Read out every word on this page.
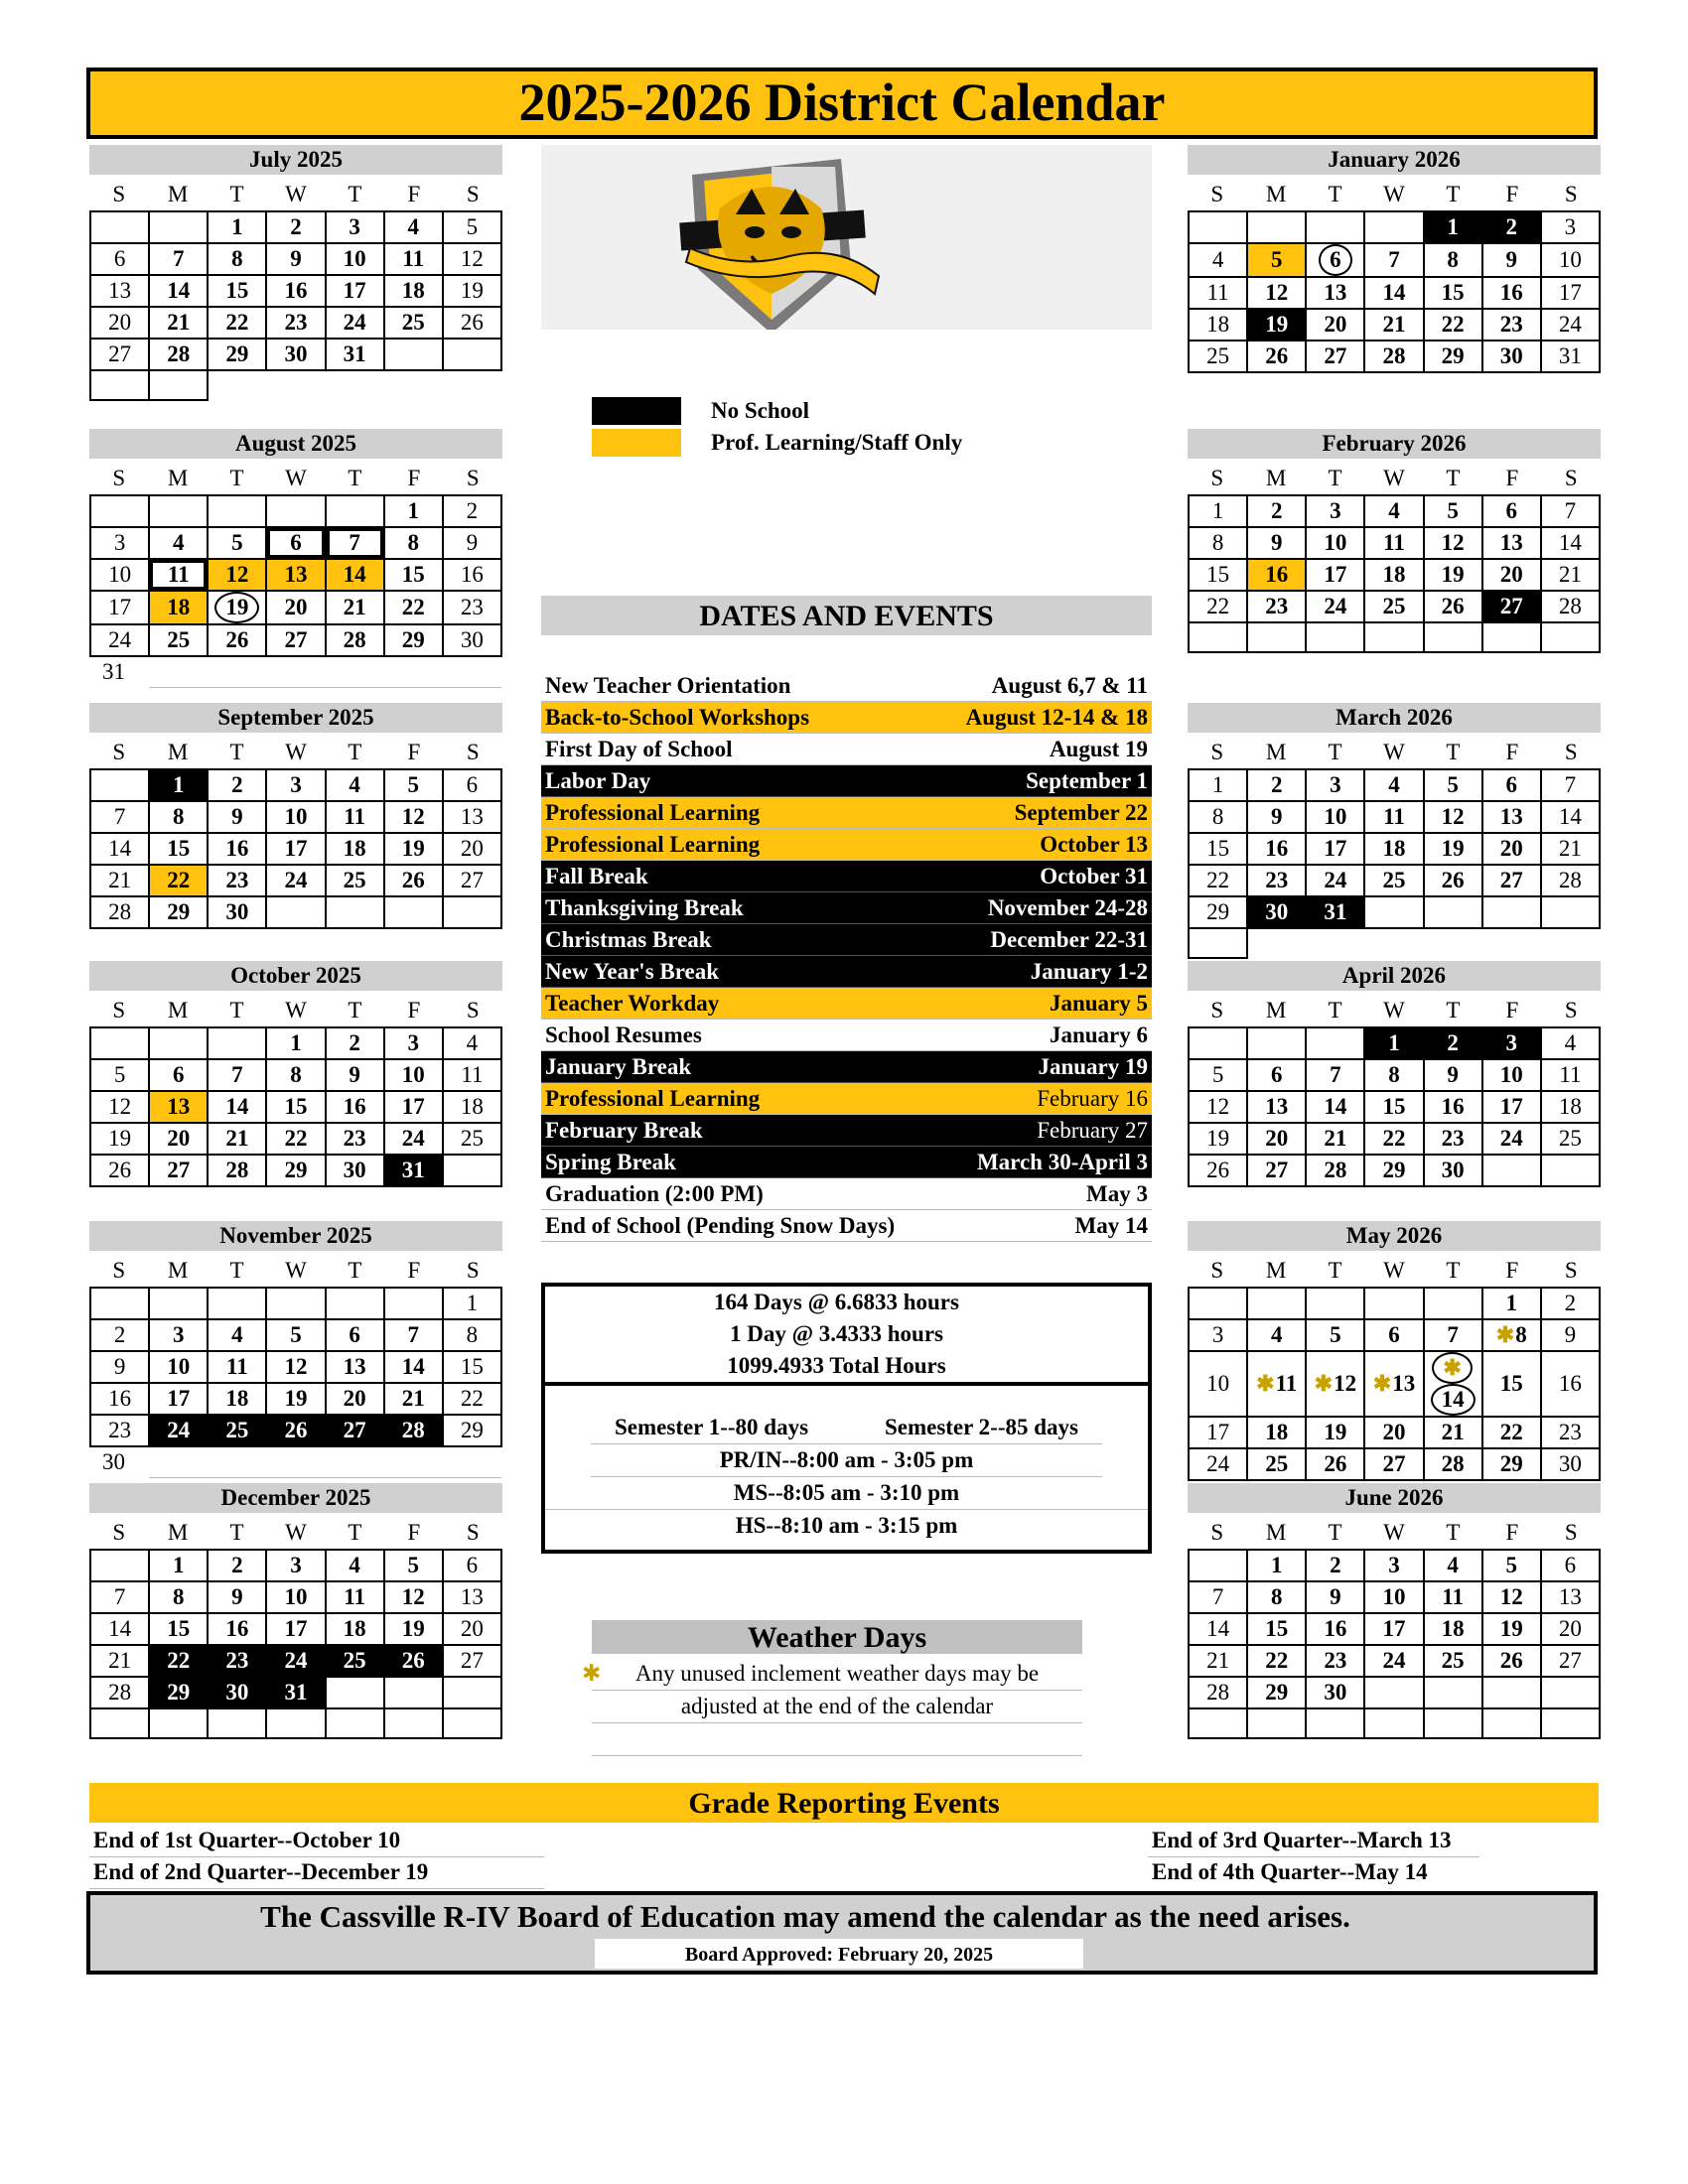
2025-2026 District Calendar
July 2025
S	M	T	W	T	F	S
		1	2	3	4	5
6	7	8	9	10	11	12
13	14	15	16	17	18	19
20	21	22	23	24	25	26
27	28	29	30	31		

August 2025
S	M	T	W	T	F	S
					1	2
3	4	5	6	7	8	9
10	11	12	13	14	15	16
17	18	19	20	21	22	23
24	25	26	27	28	29	30
31						
September 2025
S	M	T	W	T	F	S
	1	2	3	4	5	6
7	8	9	10	11	12	13
14	15	16	17	18	19	20
21	22	23	24	25	26	27
28	29	30				
October 2025
S	M	T	W	T	F	S
			1	2	3	4
5	6	7	8	9	10	11
12	13	14	15	16	17	18
19	20	21	22	23	24	25
26	27	28	29	30	31	
November 2025
S	M	T	W	T	F	S
						1
2	3	4	5	6	7	8
9	10	11	12	13	14	15
16	17	18	19	20	21	22
23	24	25	26	27	28	29
30						
December 2025
S	M	T	W	T	F	S
	1	2	3	4	5	6
7	8	9	10	11	12	13
14	15	16	17	18	19	20
21	22	23	24	25	26	27
28	29	30	31			

January 2026
S	M	T	W	T	F	S
				1	2	3
4	5	6	7	8	9	10
11	12	13	14	15	16	17
18	19	20	21	22	23	24
25	26	27	28	29	30	31
February 2026
S	M	T	W	T	F	S
1	2	3	4	5	6	7
8	9	10	11	12	13	14
15	16	17	18	19	20	21
22	23	24	25	26	27	28

March 2026
S	M	T	W	T	F	S
1	2	3	4	5	6	7
8	9	10	11	12	13	14
15	16	17	18	19	20	21
22	23	24	25	26	27	28
29	30	31				

April 2026
S	M	T	W	T	F	S
			1	2	3	4
5	6	7	8	9	10	11
12	13	14	15	16	17	18
19	20	21	22	23	24	25
26	27	28	29	30		
May 2026
S	M	T	W	T	F	S
					1	2
3	4	5	6	7	✱8	9
10	✱11	✱12	✱13	✱14	15	16
17	18	19	20	21	22	23
24	25	26	27	28	29	30

June 2026
S	M	T	W	T	F	S
	1	2	3	4	5	6
7	8	9	10	11	12	13
14	15	16	17	18	19	20
21	22	23	24	25	26	27
28	29	30				

No School
Prof. Learning/Staff Only
DATES AND EVENTS
New Teacher Orientation	August 6,7 & 11
Back-to-School Workshops	August 12-14 & 18
First Day of School	August 19
Labor Day	September 1
Professional Learning	September 22
Professional Learning	October 13
Fall Break	October 31
Thanksgiving Break	November 24-28
Christmas Break	December 22-31
New Year's Break	January 1-2
Teacher Workday	January 5
School Resumes	January 6
January Break	January 19
Professional Learning	February 16
February Break	February 27
Spring Break	March 30-April 3
Graduation (2:00 PM)	May 3
End of School (Pending Snow Days)	May 14
164 Days @ 6.6833 hours
1 Day @ 3.4333 hours
1099.4933 Total Hours
Semester 1--80 days	Semester 2--85 days
PR/IN--8:00 am - 3:05 pm
MS--8:05 am - 3:10 pm
HS--8:10 am - 3:15 pm
Weather Days
✱ Any unused inclement weather days may be
adjusted at the end of the calendar
Grade Reporting Events
End of 1st Quarter--October 10
End of 2nd Quarter--December 19
End of 3rd Quarter--March 13
End of 4th Quarter--May 14
The Cassville R-IV Board of Education may amend the calendar as the need arises.
Board Approved: February 20, 2025
